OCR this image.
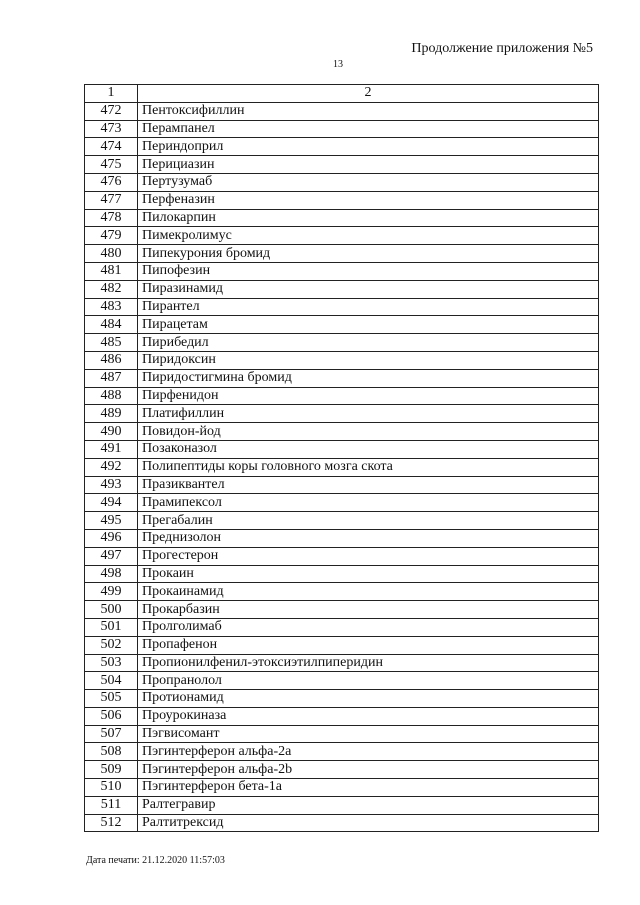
Продолжение приложения №5
13
1	2
472	Пентоксифиллин
473	Перампанел
474	Периндоприл
475	Перициазин
476	Пертузумаб
477	Перфеназин
478	Пилокарпин
479	Пимекролимус
480	Пипекурония бромид
481	Пипофезин
482	Пиразинамид
483	Пирантел
484	Пирацетам
485	Пирибедил
486	Пиридоксин
487	Пиридостигмина бромид
488	Пирфенидон
489	Платифиллин
490	Повидон-йод
491	Позаконазол
492	Полипептиды коры головного мозга скота
493	Празиквантел
494	Прамипексол
495	Прегабалин
496	Преднизолон
497	Прогестерон
498	Прокаин
499	Прокаинамид
500	Прокарбазин
501	Пролголимаб
502	Пропафенон
503	Пропионилфенил-этоксиэтилпиперидин
504	Пропранолол
505	Протионамид
506	Проурокиназа
507	Пэгвисомант
508	Пэгинтерферон альфа-2а
509	Пэгинтерферон альфа-2b
510	Пэгинтерферон бета-1а
511	Ралтегравир
512	Ралтитрексид
Дата печати: 21.12.2020 11:57:03
